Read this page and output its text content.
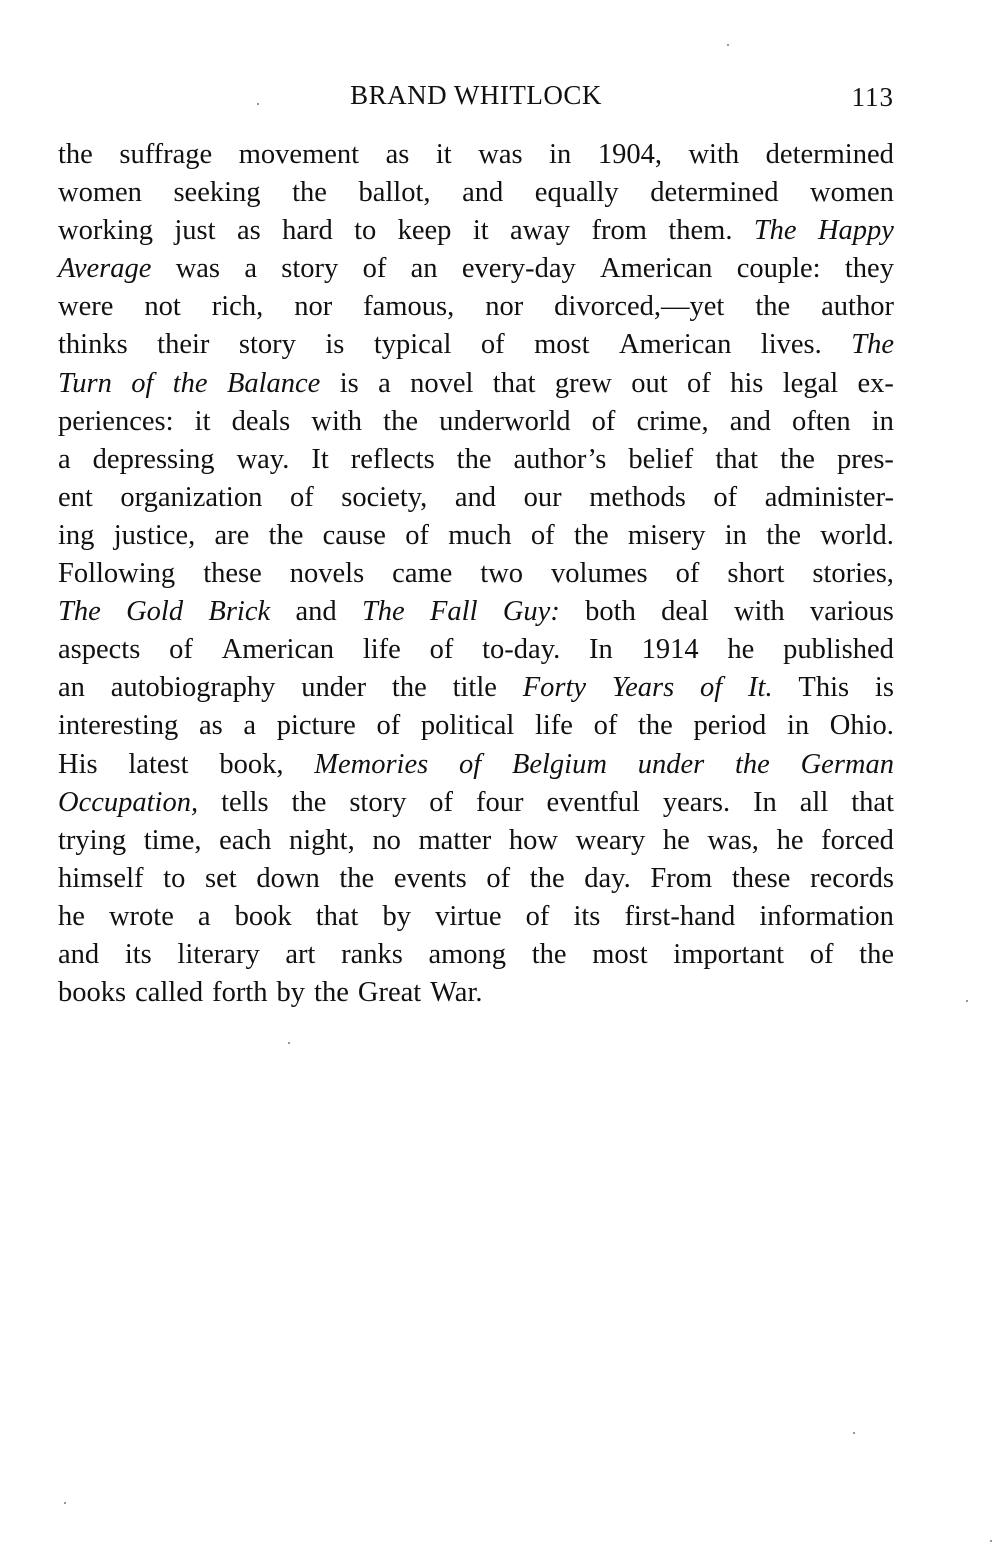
BRAND WHITLOCK	113
the suffrage movement as it was in 1904, with determined
women seeking the ballot, and equally determined women
working just as hard to keep it away from them. The Happy
Average was a story of an every-day American couple: they
were not rich, nor famous, nor divorced,—yet the author
thinks their story is typical of most American lives. The
Turn of the Balance is a novel that grew out of his legal ex-
periences: it deals with the underworld of crime, and often in
a depressing way. It reflects the author’s belief that the pres-
ent organization of society, and our methods of administer-
ing justice, are the cause of much of the misery in the world.
Following these novels came two volumes of short stories,
The Gold Brick and The Fall Guy: both deal with various
aspects of American life of to-day. In 1914 he published
an autobiography under the title Forty Years of It. This is
interesting as a picture of political life of the period in Ohio.
His latest book, Memories of Belgium under the German
Occupation, tells the story of four eventful years. In all that
trying time, each night, no matter how weary he was, he forced
himself to set down the events of the day. From these records
he wrote a book that by virtue of its first-hand information
and its literary art ranks among the most important of the
books called forth by the Great War.
